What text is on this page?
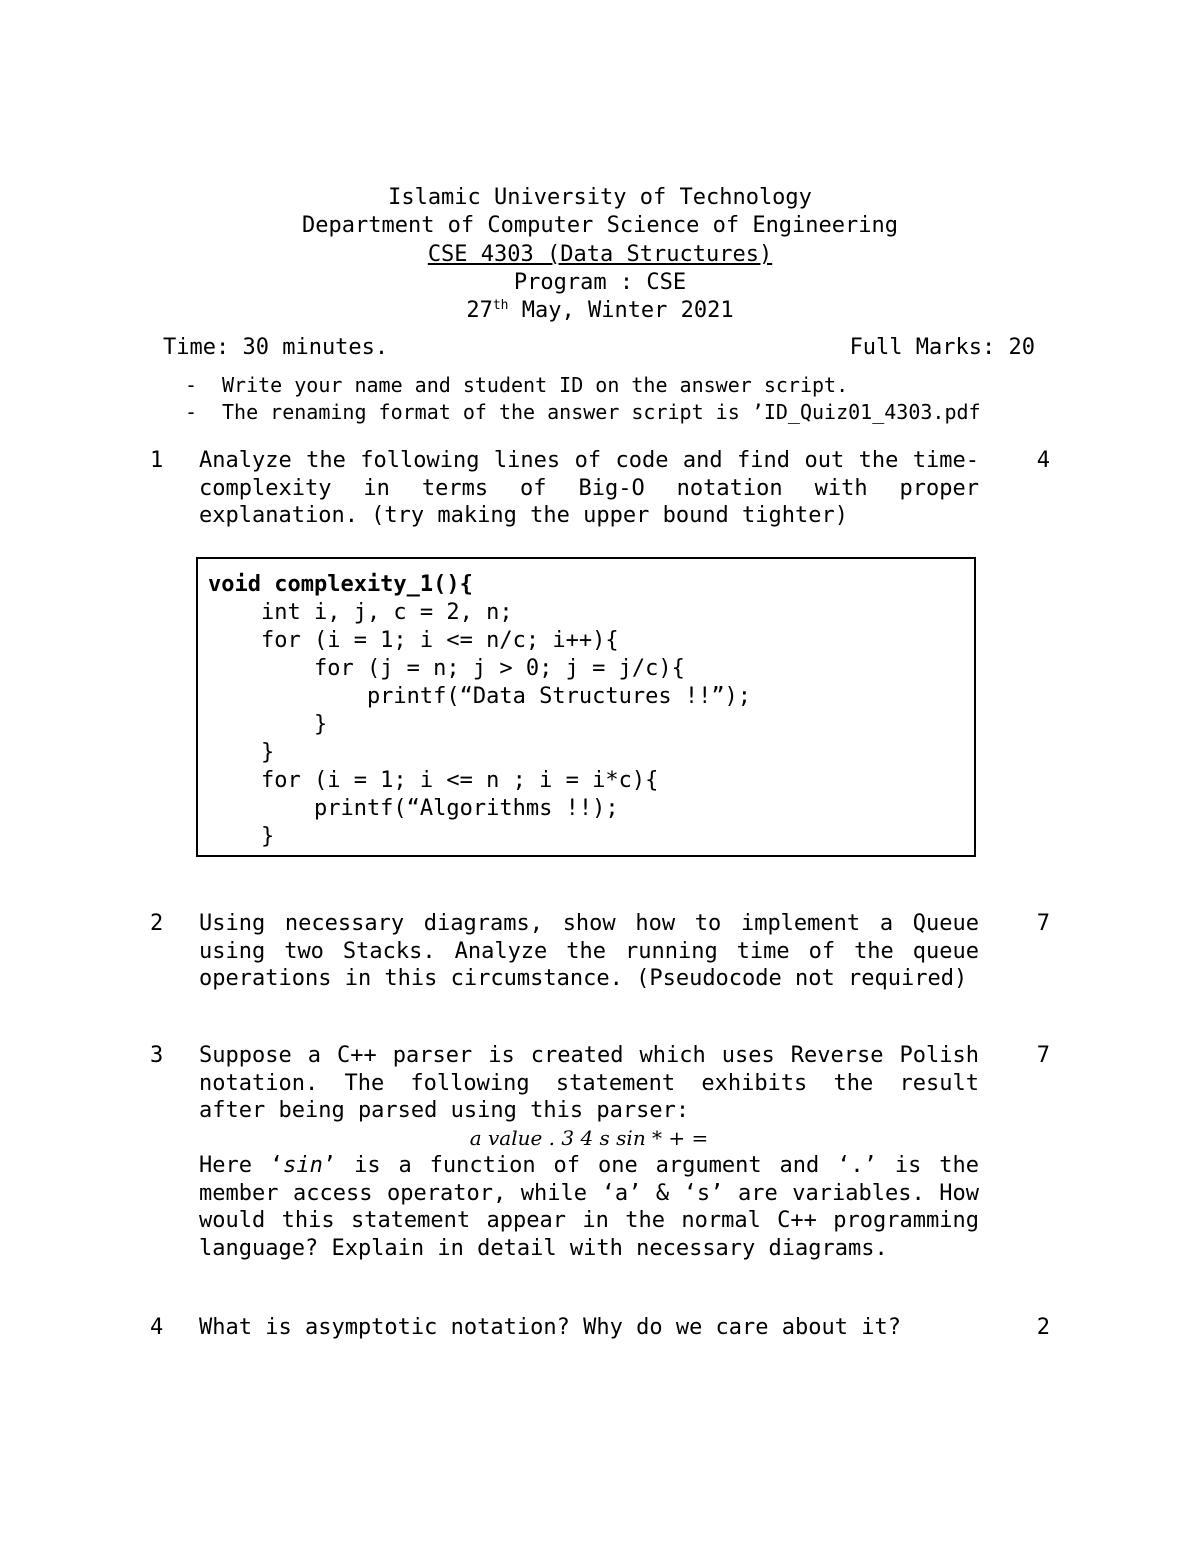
Islamic University of Technology
Department of Computer Science of Engineering
CSE 4303 (Data Structures)
Program : CSE
27th May, Winter 2021
Time: 30 minutes.	Full Marks: 20
- Write your name and student ID on the answer script.
- The renaming format of the answer script is ’ID_Quiz01_4303.pdf
1	Analyze the following lines of code and find out the time-complexity in terms of Big-O notation with proper explanation. (try making the upper bound tighter)
4
void complexity_1(){
int i, j, c = 2, n;
for (i = 1; i <= n/c; i++){
for (j = n; j > 0; j = j/c){
printf(“Data Structures !!”);
}
}
for (i = 1; i <= n ; i = i*c){
printf(“Algorithms !!);
}
2	Using necessary diagrams, show how to implement a Queue using two Stacks. Analyze the running time of the queue operations in this circumstance. (Pseudocode not required)
7
3	Suppose a C++ parser is created which uses Reverse Polish notation. The following statement exhibits the result after being parsed using this parser:
a value . 3 4 s sin * + =
Here ‘sin’ is a function of one argument and ‘.’ is the member access operator, while ‘a’ & ‘s’ are variables. How would this statement appear in the normal C++ programming language? Explain in detail with necessary diagrams.
7
4	What is asymptotic notation? Why do we care about it?	2
